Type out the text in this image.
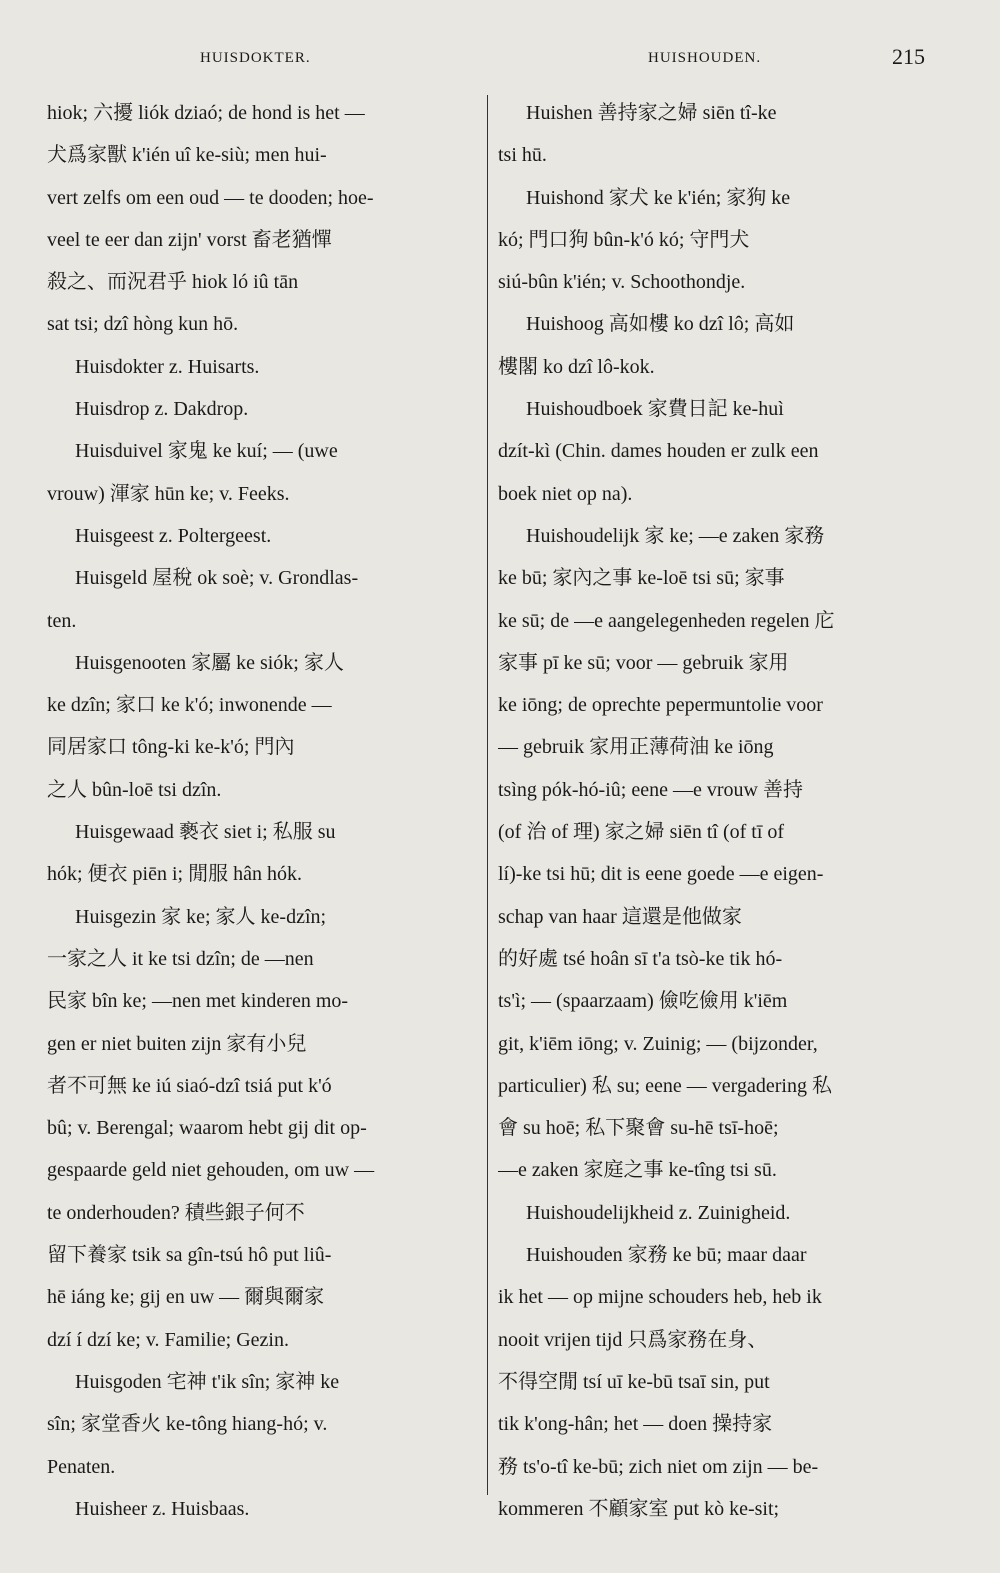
HUISDOKTER.	HUISHOUDEN.	215
hiok; 六擾 liók dziaó; de hond is het —
犬爲家獸 k'ién uî ke-siù; men hui-
vert zelfs om een oud — te dooden; hoe-
veel te eer dan zijn' vorst 畜老猶憚
殺之、而況君乎 hiok ló iû tān
sat tsi; dzî hòng kun hō.
Huisdokter z. Huisarts.
Huisdrop z. Dakdrop.
Huisduivel 家鬼 ke kuí; — (uwe
vrouw) 渾家 hūn ke; v. Feeks.
Huisgeest z. Poltergeest.
Huisgeld 屋稅 ok soè; v. Grondlas-
ten.
Huisgenooten 家屬 ke siók; 家人
ke dzîn; 家口 ke k'ó; inwonende —
同居家口 tông-ki ke-k'ó; 門內
之人 bûn-loē tsi dzîn.
Huisgewaad 褻衣 siet i; 私服 su
hók; 便衣 piēn i; 閒服 hân hók.
Huisgezin 家 ke; 家人 ke-dzîn;
一家之人 it ke tsi dzîn; de —nen
民家 bîn ke; —nen met kinderen mo-
gen er niet buiten zijn 家有小兒
者不可無 ke iú siaó-dzî tsiá put k'ó
bû; v. Berengal; waarom hebt gij dit op-
gespaarde geld niet gehouden, om uw —
te onderhouden? 積些銀子何不
留下養家 tsik sa gîn-tsú hô put liû-
hē iáng ke; gij en uw — 爾與爾家
dzí í dzí ke; v. Familie; Gezin.
Huisgoden 宅神 t'ik sîn; 家神 ke
sîn; 家堂香火 ke-tông hiang-hó; v.
Penaten.
Huisheer z. Huisbaas.
Huishen 善持家之婦 siēn tî-ke
tsi hū.
Huishond 家犬 ke k'ién; 家狗 ke
kó; 門口狗 bûn-k'ó kó; 守門犬
siú-bûn k'ién; v. Schoothondje.
Huishoog 高如樓 ko dzî lô; 高如
樓閣 ko dzî lô-kok.
Huishoudboek 家費日記 ke-huì
dzít-kì (Chin. dames houden er zulk een
boek niet op na).
Huishoudelijk 家 ke; —e zaken 家務
ke bū; 家內之事 ke-loē tsi sū; 家事
ke sū; de —e aangelegenheden regelen 庀
家事 pī ke sū; voor — gebruik 家用
ke iōng; de oprechte pepermuntolie voor
— gebruik 家用正薄荷油 ke iōng
tsìng pók-hó-iû; eene —e vrouw 善持
(of 治 of 理) 家之婦 siēn tî (of tī of
lí)-ke tsi hū; dit is eene goede —e eigen-
schap van haar 這還是他做家
的好處 tsé hoân sī t'a tsò-ke tik hó-
ts'ì; — (spaarzaam) 儉吃儉用 k'iēm
git, k'iēm iōng; v. Zuinig; — (bijzonder,
particulier) 私 su; eene — vergadering 私
會 su hoē; 私下聚會 su-hē tsī-hoē;
—e zaken 家庭之事 ke-tîng tsi sū.
Huishoudelijkheid z. Zuinigheid.
Huishouden 家務 ke bū; maar daar
ik het — op mijne schouders heb, heb ik
nooit vrijen tijd 只爲家務在身、
不得空閒 tsí uī ke-bū tsaī sin, put
tik k'ong-hân; het — doen 操持家
務 ts'o-tî ke-bū; zich niet om zijn — be-
kommeren 不顧家室 put kò ke-sit;
